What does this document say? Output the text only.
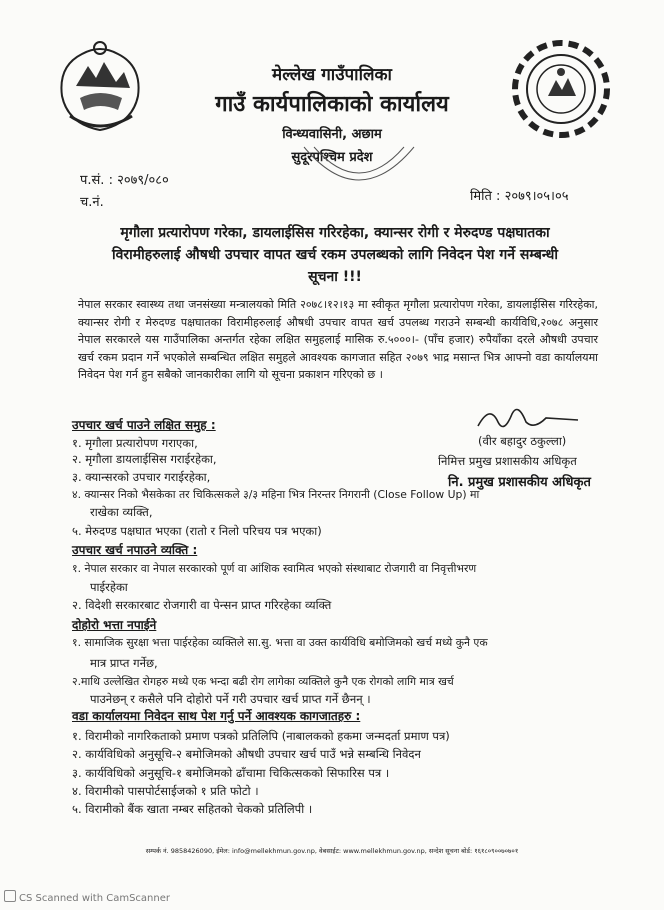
मेल्लेख गाउँपालिका
गाउँ कार्यपालिकाको कार्यालय
विन्ध्यवासिनी, अछाम
सुदूरपश्चिम प्रदेश
प.सं. : २०७९/०८०
च.नं.	मिति : २०७९।०५।०५
मृगौला प्रत्यारोपण गरेका, डायलाईसिस गरिरहेका, क्यान्सर रोगी र मेरुदण्ड पक्षघातका
विरामीहरुलाई औषधी उपचार वापत खर्च रकम उपलब्धको लागि निवेदन पेश गर्ने सम्बन्धी
सूचना !!!
नेपाल सरकार स्वास्थ्य तथा जनसंख्या मन्त्रालयको मिति २०७८।१२।१३ मा स्वीकृत मृगौला प्रत्यारोपण गरेका, डायलाईसिस गरिरहेका, क्यान्सर रोगी र मेरुदण्ड पक्षघातका विरामीहरुलाई औषधी उपचार वापत खर्च उपलब्ध गराउने सम्बन्धी कार्यविधि,२०७८ अनुसार नेपाल सरकारले यस गाउँपालिका अन्तर्गत रहेका लक्षित समुहलाई मासिक रु.५०००।- (पाँच हजार) रुपैयाँका दरले औषधी उपचार खर्च रकम प्रदान गर्ने भएकोले सम्बन्धित लक्षित समुहले आवश्यक कागजात सहित २०७९ भाद्र मसान्त भित्र आफ्नो वडा कार्यालयमा निवेदन पेश गर्न हुन सबैको जानकारीका लागि यो सूचना प्रकाशन गरिएको छ ।
(वीर बहादुर ठकुल्ला)
निमित्त प्रमुख प्रशासकीय अधिकृत
नि. प्रमुख प्रशासकीय अधिकृत
उपचार खर्च पाउने लक्षित समुह :
१. मृगौला प्रत्यारोपण गराएका,
२. मृगौला डायलाईसिस गराईरहेका,
३. क्यान्सरको उपचार गराईरहेका,
४. क्यान्सर निको भैसकेका तर चिकित्सकले ३/३ महिना भित्र निरन्तर निगरानी (Close Follow Up) मा
राखेका व्यक्ति,
५. मेरुदण्ड पक्षघात भएका (रातो र निलो परिचय पत्र भएका)
उपचार खर्च नपाउने व्यक्ति :
१. नेपाल सरकार वा नेपाल सरकारको पूर्ण वा आंशिक स्वामित्व भएको संस्थाबाट रोजगारी वा निवृत्तीभरण
पाईरहेका
२. विदेशी सरकारबाट रोजगारी वा पेन्सन प्राप्त गरिरहेका व्यक्ति
दोहोरो भत्ता नपाईने
१. सामाजिक सुरक्षा भत्ता पाईरहेका व्यक्तिले सा.सु. भत्ता वा उक्त कार्यविधि बमोजिमको खर्च मध्ये कुनै एक
मात्र प्राप्त गर्नेछ,
२.माथि उल्लेखित रोगहरु मध्ये एक भन्दा बढी रोग लागेका व्यक्तिले कुनै एक रोगको लागि मात्र खर्च
पाउनेछन् र कसैले पनि दोहोरो पर्ने गरी उपचार खर्च प्राप्त गर्ने छैनन् ।
वडा कार्यालयमा निवेदन साथ पेश गर्नु पर्ने आवश्यक कागजातहरु :
१. विरामीको नागरिकताको प्रमाण पत्रको प्रतिलिपि (नाबालकको हकमा जन्मदर्ता प्रमाण पत्र)
२. कार्यविधिको अनुसूचि-२ बमोजिमको औषधी उपचार खर्च पाउँ भन्ने सम्बन्धि निवेदन
३. कार्यविधिको अनुसूचि-१ बमोजिमको ढाँचामा चिकित्सकको सिफारिस पत्र ।
४. विरामीको पासपोर्टसाईजको १ प्रति फोटो ।
५. विरामीको बैंक खाता नम्बर सहितको चेकको प्रतिलिपी ।
सम्पर्क नं. 9858426090, ईमेल: info@mellekhmun.gov.np, वेबसाईट: www.mellekhmun.gov.np, सन्देश सूचना बोर्ड: १६१८०९००७०७०१
CS Scanned with CamScanner
